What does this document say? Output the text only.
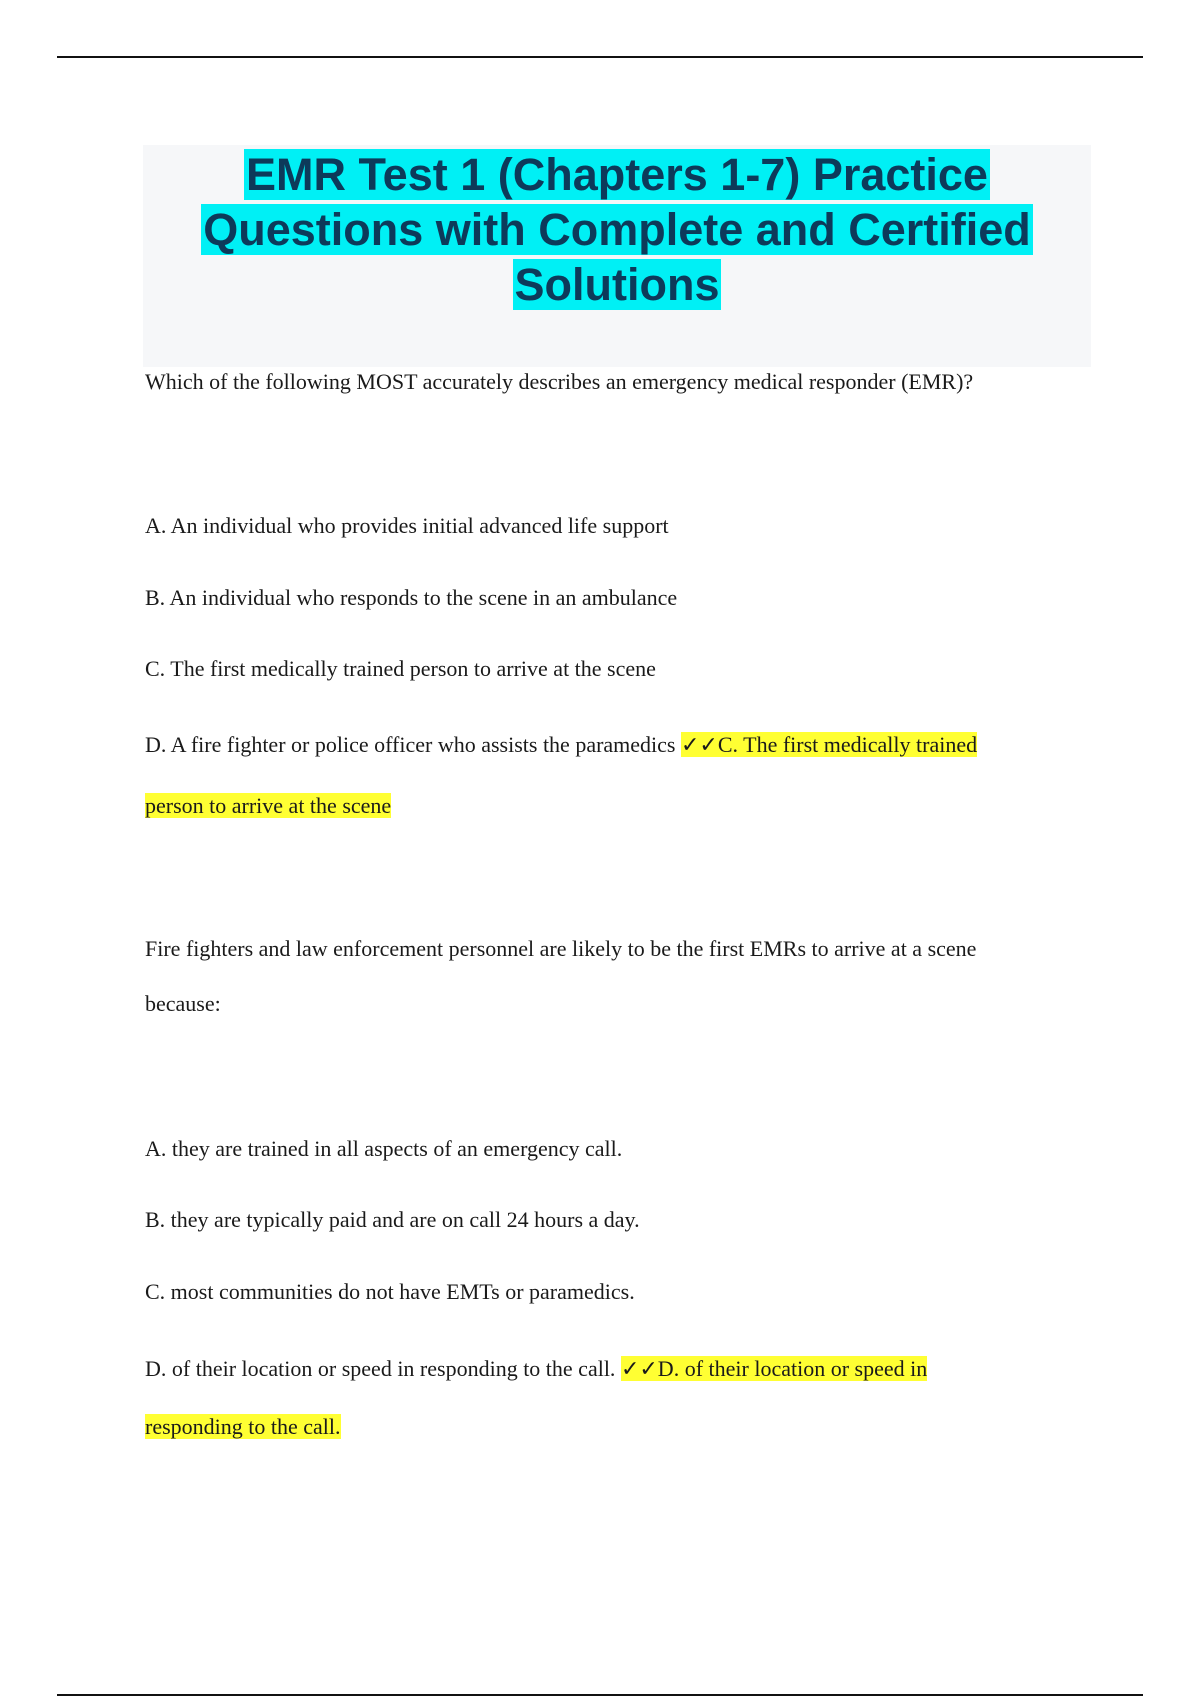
EMR Test 1 (Chapters 1-7) Practice Questions with Complete and Certified Solutions

Which of the following MOST accurately describes an emergency medical responder (EMR)?

A. An individual who provides initial advanced life support

B. An individual who responds to the scene in an ambulance

C. The first medically trained person to arrive at the scene

D. A fire fighter or police officer who assists the paramedics ✓✓C. The first medically trained

person to arrive at the scene

Fire fighters and law enforcement personnel are likely to be the first EMRs to arrive at a scene

because:

A. they are trained in all aspects of an emergency call.

B. they are typically paid and are on call 24 hours a day.

C. most communities do not have EMTs or paramedics.

D. of their location or speed in responding to the call. ✓✓D. of their location or speed in

responding to the call.
